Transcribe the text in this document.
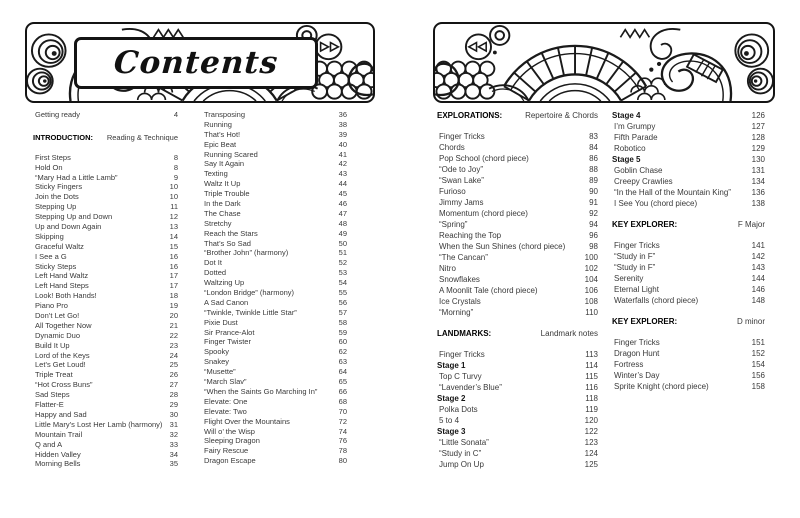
Contents
Getting ready	4
INTRODUCTION: Reading & Technique
First Steps	8
Hold On	8
“Mary Had a Little Lamb”	9
Sticky Fingers	10
Join the Dots	10
Stepping Up	11
Stepping Up and Down	12
Up and Down Again	13
Skipping	14
Graceful Waltz	15
I See a G	16
Sticky Steps	16
Left Hand Waltz	17
Left Hand Steps	17
Look! Both Hands!	18
Piano Pro	19
Don’t Let Go!	20
All Together Now	21
Dynamic Duo	22
Build It Up	23
Lord of the Keys	24
Let’s Get Loud!	25
Triple Treat	26
“Hot Cross Buns”	27
Sad Steps	28
Flatter-E	29
Happy and Sad	30
Little Mary’s Lost Her Lamb (harmony) 31
Mountain Trail	32
Q and A	33
Hidden Valley	34
Morning Bells	35
Transposing	36
Running	38
That’s Hot!	39
Epic Beat	40
Running Scared	41
Say It Again	42
Texting	43
Waltz It Up	44
Triple Trouble	45
In the Dark	46
The Chase	47
Stretchy	48
Reach the Stars	49
That’s So Sad	50
“Brother John” (harmony)	51
Dot It	52
Dotted	53
Waltzing Up	54
“London Bridge” (harmony)	55
A Sad Canon	56
“Twinkle, Twinkle Little Star”	57
Pixie Dust	58
Sir Prance-Alot	59
Finger Twister	60
Spooky	62
Snakey	63
“Musette”	64
“March Slav”	65
“When the Saints Go Marching In”	66
Elevate: One	68
Elevate: Two	70
Flight Over the Mountains	72
Will o’ the Wisp	74
Sleeping Dragon	76
Fairy Rescue	78
Dragon Escape	80
EXPLORATIONS:	Repertoire & Chords
Finger Tricks	83
Chords	84
Pop School (chord piece)	86
“Ode to Joy”	88
“Swan Lake”	89
Furioso	90
Jimmy Jams	91
Momentum (chord piece)	92
“Spring”	94
Reaching the Top	96
When the Sun Shines (chord piece)	98
“The Cancan”	100
Nitro	102
Snowflakes	104
A Moonlit Tale (chord piece)	106
Ice Crystals	108
“Morning”	110
LANDMARKS:	Landmark notes
Finger Tricks	113
Stage 1	114
Top C Turvy	115
“Lavender’s Blue”	116
Stage 2	118
Polka Dots	119
5 to 4	120
Stage 3	122
“Little Sonata”	123
“Study in C”	124
Jump On Up	125
Stage 4	126
I’m Grumpy	127
Fifth Parade	128
Robotico	129
Stage 5	130
Goblin Chase	131
Creepy Crawlies	134
“In the Hall of the Mountain King”	136
I See You (chord piece)	138
KEY EXPLORER:	F Major
Finger Tricks	141
“Study in F”	142
“Study in F”	143
Serenity	144
Eternal Light	146
Waterfalls (chord piece)	148
KEY EXPLORER:	D minor
Finger Tricks	151
Dragon Hunt	152
Fortress	154
Winter’s Day	156
Sprite Knight (chord piece)	158
